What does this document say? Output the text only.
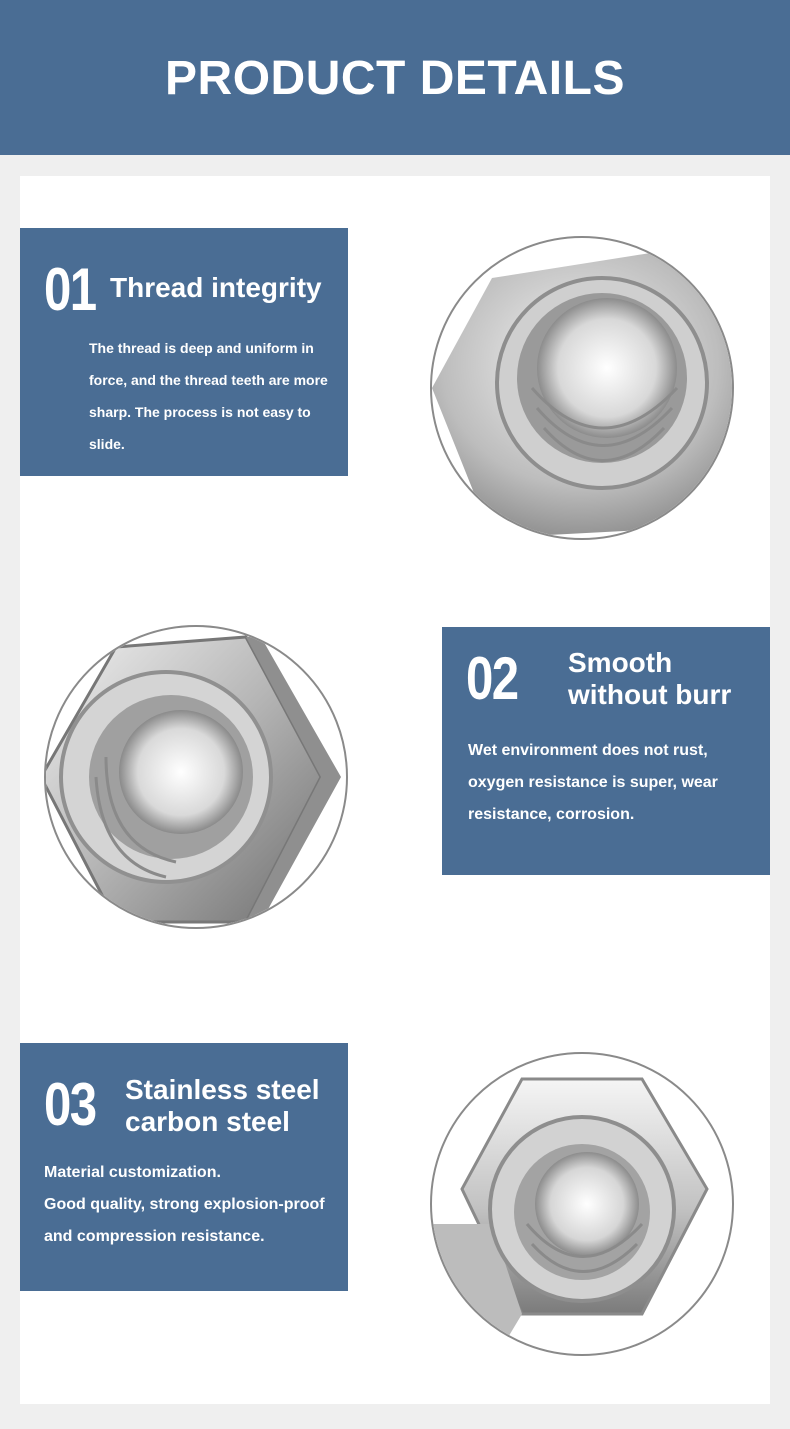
PRODUCT DETAILS
01 Thread integrity
The thread is deep and uniform in force, and the thread teeth are more sharp. The process is not easy to slide.
02 Smooth without burr
Wet environment does not rust, oxygen resistance is super, wear resistance, corrosion.
03 Stainless steel carbon steel
Material customization.
Good quality, strong explosion-proof and compression resistance.
